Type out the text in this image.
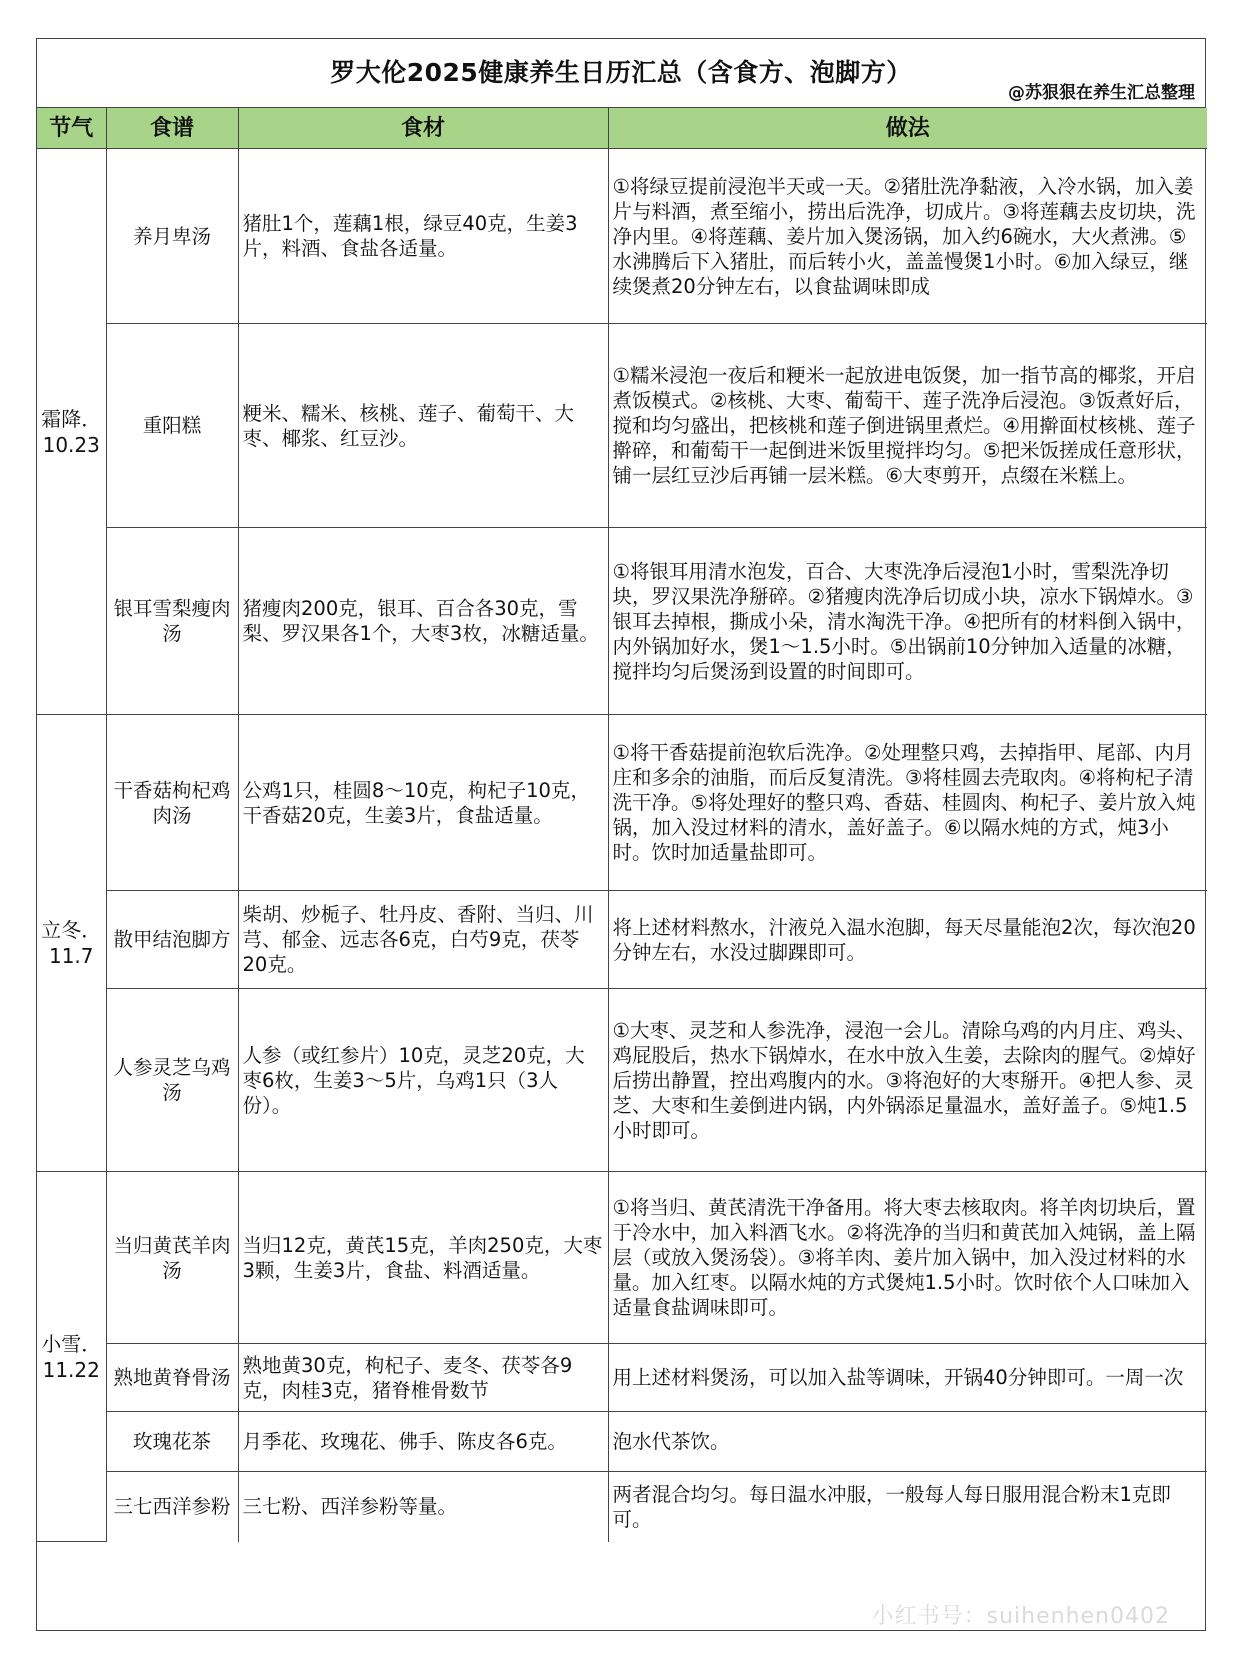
罗大伦2025健康养生日历汇总（含食方、泡脚方）
@苏狠狠在养生汇总整理
节气	食谱	食材	做法
霜降．10.23	养月卑汤	猪肚1个，莲藕1根，绿豆40克，生姜3片，料酒、食盐各适量。	①将绿豆提前浸泡半天或一天。②猪肚洗净黏液，入冷水锅，加入姜片与料酒，煮至缩小，捞出后洗净，切成片。③将莲藕去皮切块，洗净内里。④将莲藕、姜片加入煲汤锅，加入约6碗水，大火煮沸。⑤水沸腾后下入猪肚，而后转小火，盖盖慢煲1小时。⑥加入绿豆，继续煲煮20分钟左右，以食盐调味即成
	重阳糕	粳米、糯米、核桃、莲子、葡萄干、大枣、椰浆、红豆沙。	①糯米浸泡一夜后和粳米一起放进电饭煲，加一指节高的椰浆，开启煮饭模式。②核桃、大枣、葡萄干、莲子洗净后浸泡。③饭煮好后，搅和均匀盛出，把核桃和莲子倒进锅里煮烂。④用擀面杖核桃、莲子擀碎，和葡萄干一起倒进米饭里搅拌均匀。⑤把米饭搓成任意形状，铺一层红豆沙后再铺一层米糕。⑥大枣剪开，点缀在米糕上。
	银耳雪梨瘦肉汤	猪瘦肉200克，银耳、百合各30克，雪梨、罗汉果各1个，大枣3枚，冰糖适量。	①将银耳用清水泡发，百合、大枣洗净后浸泡1小时，雪梨洗净切块，罗汉果洗净掰碎。②猪瘦肉洗净后切成小块，凉水下锅焯水。③银耳去掉根，撕成小朵，清水淘洗干净。④把所有的材料倒入锅中，内外锅加好水，煲1～1.5小时。⑤出锅前10分钟加入适量的冰糖，搅拌均匀后煲汤到设置的时间即可。
立冬．11.7	干香菇枸杞鸡肉汤	公鸡1只，桂圆8～10克，枸杞子10克，干香菇20克，生姜3片，食盐适量。	①将干香菇提前泡软后洗净。②处理整只鸡，去掉指甲、尾部、内月庄和多余的油脂，而后反复清洗。③将桂圆去壳取肉。④将枸杞子清洗干净。⑤将处理好的整只鸡、香菇、桂圆肉、枸杞子、姜片放入炖锅，加入没过材料的清水，盖好盖子。⑥以隔水炖的方式，炖3小时。饮时加适量盐即可。
	散甲结泡脚方	柴胡、炒栀子、牡丹皮、香附、当归、川芎、郁金、远志各6克，白芍9克，茯苓20克。	将上述材料熬水，汁液兑入温水泡脚，每天尽量能泡2次，每次泡20分钟左右，水没过脚踝即可。
	人参灵芝乌鸡汤	人参（或红参片）10克，灵芝20克，大枣6枚，生姜3～5片，乌鸡1只（3人份）。	①大枣、灵芝和人参洗净，浸泡一会儿。清除乌鸡的内月庄、鸡头、鸡屁股后，热水下锅焯水，在水中放入生姜，去除肉的腥气。②焯好后捞出静置，控出鸡腹内的水。③将泡好的大枣掰开。④把人参、灵芝、大枣和生姜倒进内锅，内外锅添足量温水，盖好盖子。⑤炖1.5小时即可。
小雪．11.22	当归黄芪羊肉汤	当归12克，黄芪15克，羊肉250克，大枣3颗，生姜3片，食盐、料酒适量。	①将当归、黄芪清洗干净备用。将大枣去核取肉。将羊肉切块后，置于冷水中，加入料酒飞水。②将洗净的当归和黄芪加入炖锅，盖上隔层（或放入煲汤袋）。③将羊肉、姜片加入锅中，加入没过材料的水量。加入红枣。以隔水炖的方式煲炖1.5小时。饮时依个人口味加入适量食盐调味即可。
	熟地黄脊骨汤	熟地黄30克，枸杞子、麦冬、茯苓各9克，肉桂3克，猪脊椎骨数节	用上述材料煲汤，可以加入盐等调味，开锅40分钟即可。一周一次
	玫瑰花茶	月季花、玫瑰花、佛手、陈皮各6克。	泡水代茶饮。
	三七西洋参粉	三七粉、西洋参粉等量。	两者混合均匀。每日温水冲服，一般每人每日服用混合粉末1克即可。
小红书号：suihenhen0402
